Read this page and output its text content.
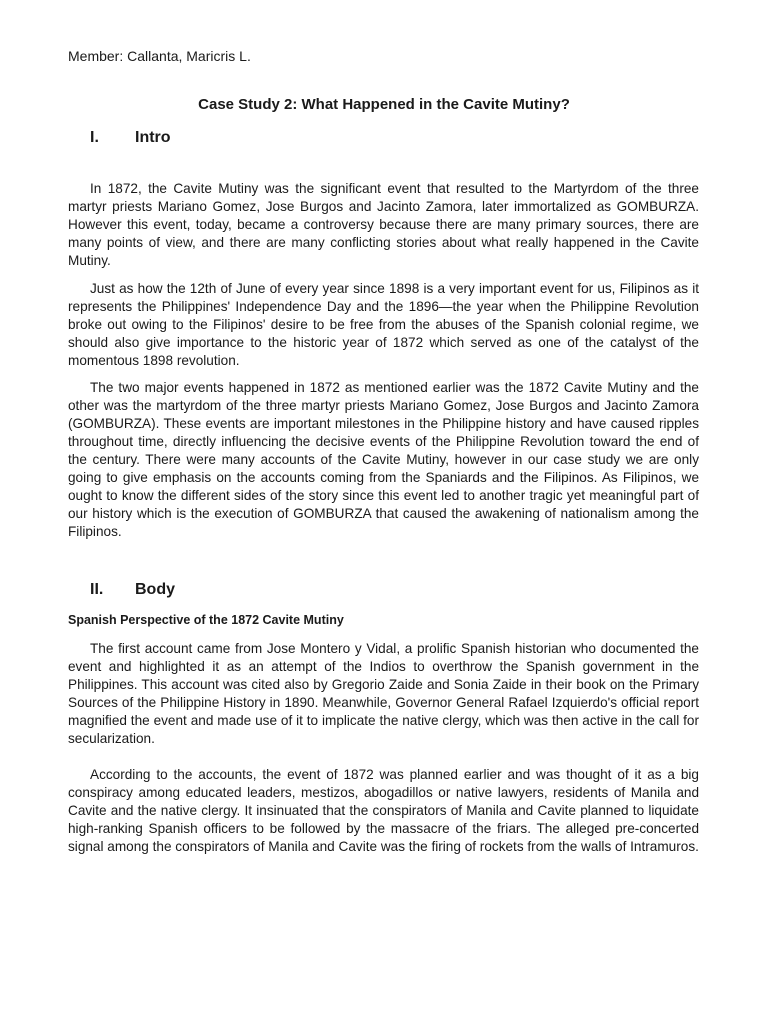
Member: Callanta, Maricris L.
Case Study 2: What Happened in the Cavite Mutiny?
I. Intro

In 1872, the Cavite Mutiny was the significant event that resulted to the Martyrdom of the three martyr priests Mariano Gomez, Jose Burgos and Jacinto Zamora, later immortalized as GOMBURZA. However this event, today, became a controversy because there are many primary sources, there are many points of view, and there are many conflicting stories about what really happened in the Cavite Mutiny.

Just as how the 12th of June of every year since 1898 is a very important event for us, Filipinos as it represents the Philippines' Independence Day and the 1896—the year when the Philippine Revolution broke out owing to the Filipinos' desire to be free from the abuses of the Spanish colonial regime, we should also give importance to the historic year of 1872 which served as one of the catalyst of the momentous 1898 revolution.

The two major events happened in 1872 as mentioned earlier was the 1872 Cavite Mutiny and the other was the martyrdom of the three martyr priests Mariano Gomez, Jose Burgos and Jacinto Zamora (GOMBURZA). These events are important milestones in the Philippine history and have caused ripples throughout time, directly influencing the decisive events of the Philippine Revolution toward the end of the century. There were many accounts of the Cavite Mutiny, however in our case study we are only going to give emphasis on the accounts coming from the Spaniards and the Filipinos. As Filipinos, we ought to know the different sides of the story since this event led to another tragic yet meaningful part of our history which is the execution of GOMBURZA that caused the awakening of nationalism among the Filipinos.

II. Body
Spanish Perspective of the 1872 Cavite Mutiny

The first account came from Jose Montero y Vidal, a prolific Spanish historian who documented the event and highlighted it as an attempt of the Indios to overthrow the Spanish government in the Philippines. This account was cited also by Gregorio Zaide and Sonia Zaide in their book on the Primary Sources of the Philippine History in 1890. Meanwhile, Governor General Rafael Izquierdo's official report magnified the event and made use of it to implicate the native clergy, which was then active in the call for secularization.

According to the accounts, the event of 1872 was planned earlier and was thought of it as a big conspiracy among educated leaders, mestizos, abogadillos or native lawyers, residents of Manila and Cavite and the native clergy. It insinuated that the conspirators of Manila and Cavite planned to liquidate high-ranking Spanish officers to be followed by the massacre of the friars. The alleged pre-concerted signal among the conspirators of Manila and Cavite was the firing of rockets from the walls of Intramuros.
